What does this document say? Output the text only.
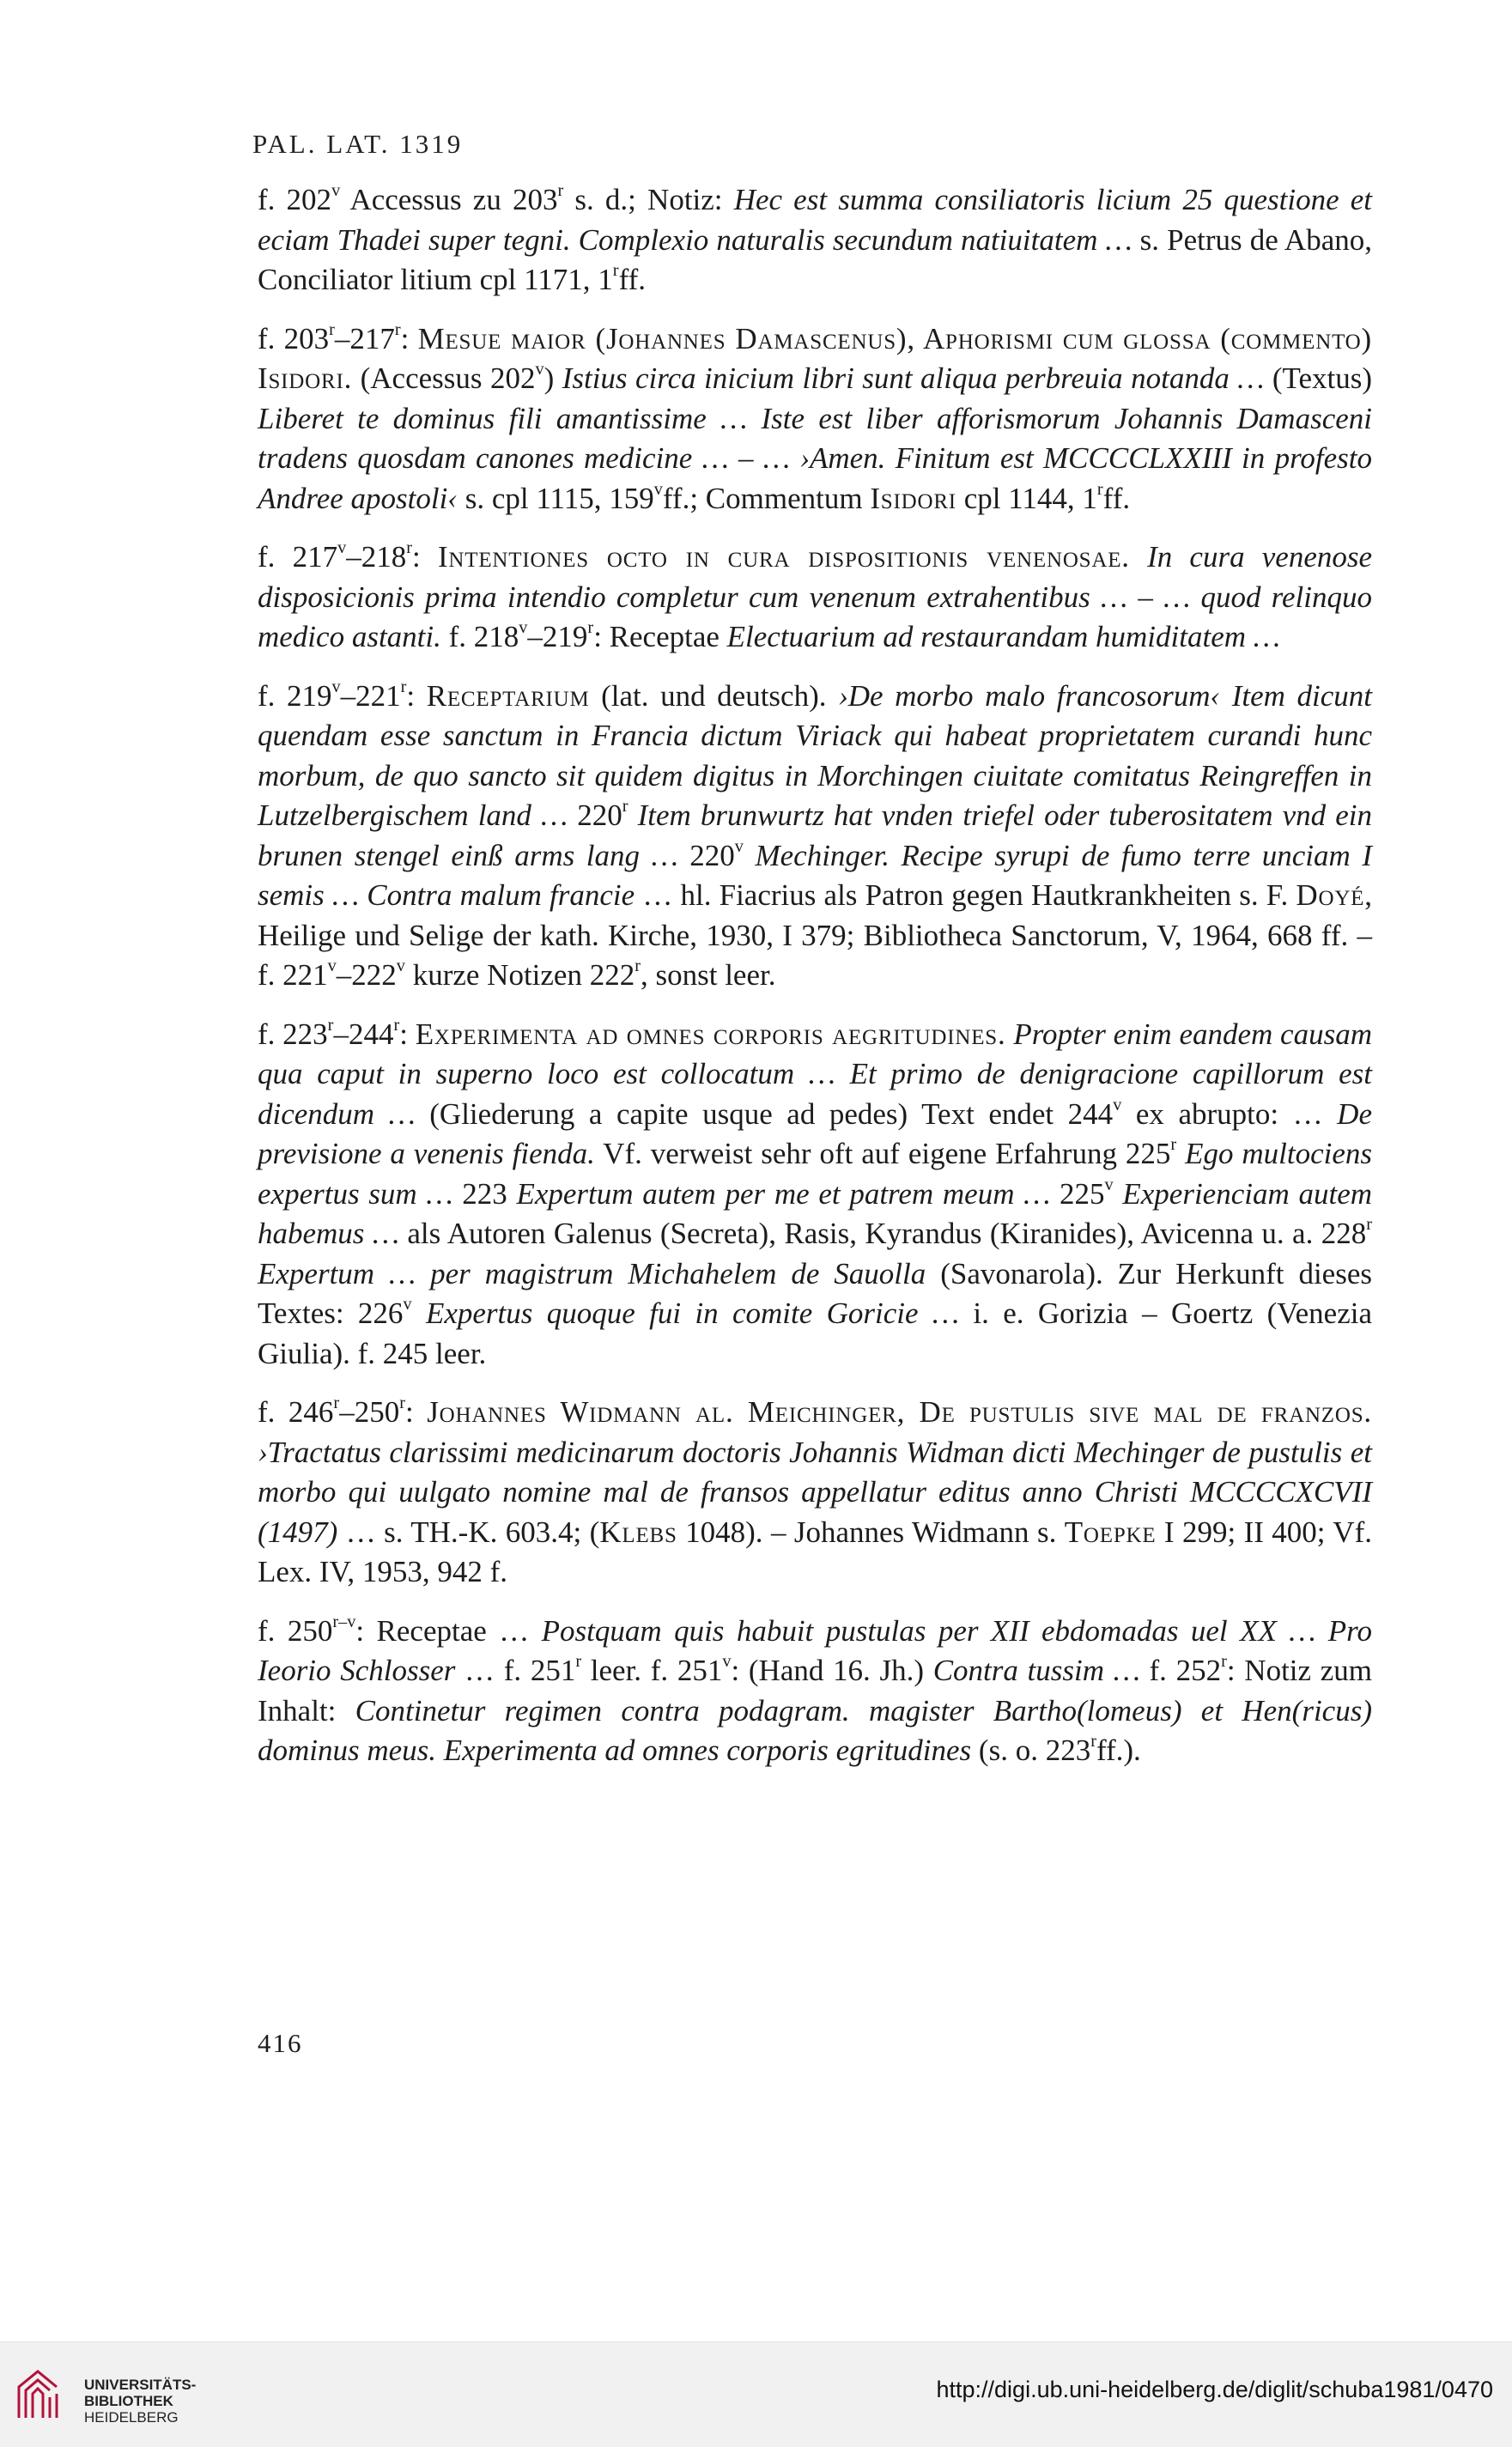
PAL. LAT. 1319

f. 202$^v$ Accessus zu 203$^r$ s. d.; Notiz: Hec est summa consiliatoris licium 25 questione et eciam Thadei super tegni. Complexio naturalis secundum natiuitatem … s. Petrus de Abano, Conciliator litium cpl 1171, 1$^r$ff.

f. 203$^r$–217$^r$: Mesue maior (Johannes Damascenus), Aphorismi cum glossa (commento) Isidori. (Accessus 202$^v$) Istius circa inicium libri sunt aliqua perbreuia notanda … (Textus) Liberet te dominus fili amantissime … Iste est liber afforismorum Johannis Damasceni tradens quosdam canones medicine … – … ›Amen. Finitum est MCCCCLXXIII in profesto Andree apostoli‹ s. cpl 1115, 159$^v$ff.; Commentum Isidori cpl 1144, 1$^r$ff.

f. 217$^v$–218$^r$: Intentiones octo in cura dispositionis venenosae. In cura venenose disposicionis prima intendio completur cum venenum extrahentibus … – … quod relinquo medico astanti. f. 218$^v$–219$^r$: Receptae Electuarium ad restaurandam humiditatem …

f. 219$^v$–221$^r$: Receptarium (lat. und deutsch). ›De morbo malo francosorum‹ Item dicunt quendam esse sanctum in Francia dictum Viriack qui habeat proprietatem curandi hunc morbum, de quo sancto sit quidem digitus in Morchingen ciuitate comitatus Reingreffen in Lutzelbergischem land … 220$^r$ Item brunwurtz hat vnden triefel oder tuberositatem vnd ein brunen stengel einß arms lang … 220$^v$ Mechinger. Recipe syrupi de fumo terre unciam I semis … Contra malum francie … hl. Fiacrius als Patron gegen Hautkrankheiten s. F. Doyé, Heilige und Selige der kath. Kirche, 1930, I 379; Bibliotheca Sanctorum, V, 1964, 668 ff. – f. 221$^v$–222$^v$ kurze Notizen 222$^r$, sonst leer.

f. 223$^r$–244$^r$: Experimenta ad omnes corporis aegritudines. Propter enim eandem causam qua caput in superno loco est collocatum … Et primo de denigracione capillorum est dicendum … (Gliederung a capite usque ad pedes) Text endet 244$^v$ ex abrupto: … De previsione a venenis fienda. Vf. verweist sehr oft auf eigene Erfahrung 225$^r$ Ego multociens expertus sum … 223 Expertum autem per me et patrem meum … 225$^v$ Experienciam autem habemus … als Autoren Galenus (Secreta), Rasis, Kyrandus (Kiranides), Avicenna u. a. 228$^r$ Expertum … per magistrum Michahelem de Sauolla (Savonarola). Zur Herkunft dieses Textes: 226$^v$ Expertus quoque fui in comite Goricie … i. e. Gorizia – Goertz (Venezia Giulia). f. 245 leer.

f. 246$^r$–250$^r$: Johannes Widmann al. Meichinger, De pustulis sive mal de franzos. ›Tractatus clarissimi medicinarum doctoris Johannis Widman dicti Mechinger de pustulis et morbo qui uulgato nomine mal de fransos appellatur editus anno Christi MCCCCXCVII (1497) … s. TH.-K. 603.4; (Klebs 1048). – Johannes Widmann s. Toepke I 299; II 400; Vf. Lex. IV, 1953, 942 f.

f. 250$^{r-v}$: Receptae … Postquam quis habuit pustulas per XII ebdomadas uel XX … Pro Ieorio Schlosser … f. 251$^r$ leer. f. 251$^v$: (Hand 16. Jh.) Contra tussim … f. 252$^r$: Notiz zum Inhalt: Continetur regimen contra podagram. magister Bartho(lomeus) et Hen(ricus) dominus meus. Experimenta ad omnes corporis egritudines (s. o. 223$^r$ff.).

416
UNIVERSITÄTS-
BIBLIOTHEK
HEIDELBERG
http://digi.ub.uni-heidelberg.de/diglit/schuba1981/0470
